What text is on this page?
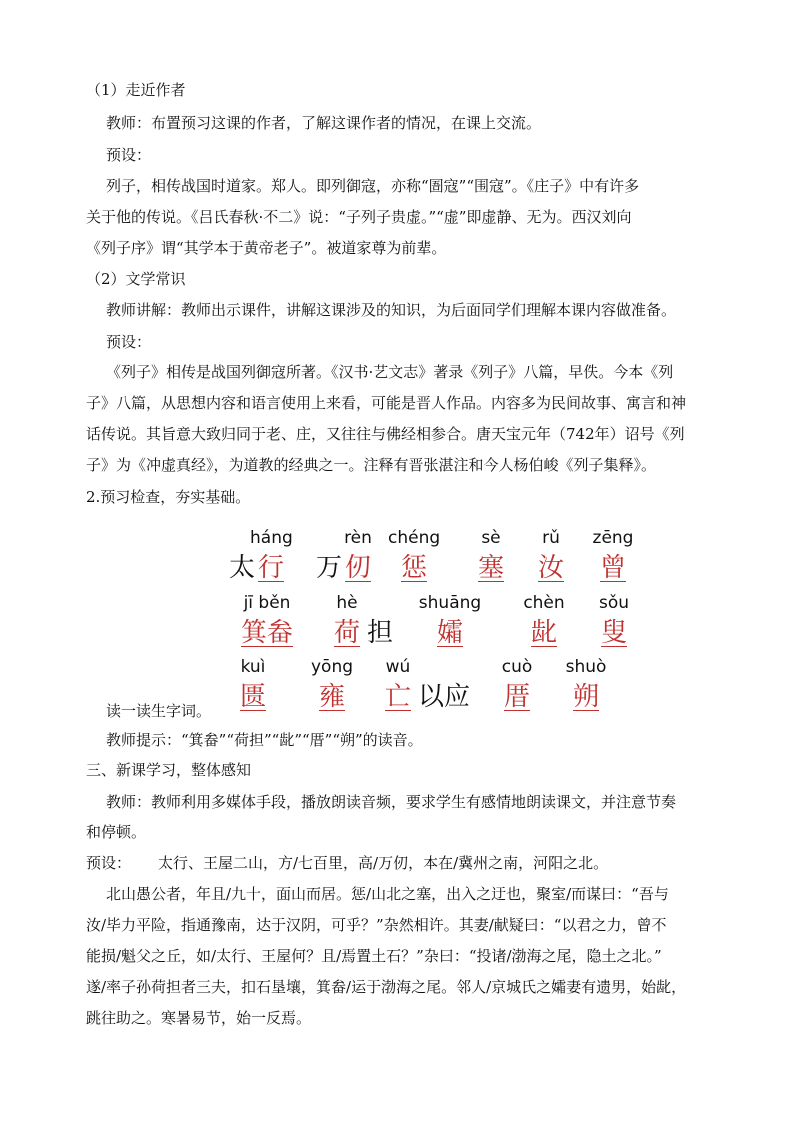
（1）走近作者
教师：布置预习这课的作者，了解这课作者的情况，在课上交流。
预设：
列子，相传战国时道家。郑人。即列御寇，亦称“圄寇”“围寇”。《庄子》中有许多
关于他的传说。《吕氏春秋·不二》说：“子列子贵虚。”“虚”即虚静、无为。西汉刘向
《列子序》谓“其学本于黄帝老子”。被道家尊为前辈。
（2）文学常识
教师讲解：教师出示课件，讲解这课涉及的知识，为后面同学们理解本课内容做准备。
预设：
《列子》相传是战国列御寇所著。《汉书·艺文志》著录《列子》八篇，早佚。今本《列
子》八篇，从思想内容和语言使用上来看，可能是晋人作品。内容多为民间故事、寓言和神
话传说。其旨意大致归同于老、庄，又往往与佛经相参合。唐天宝元年（742年）诏号《列
子》为《冲虚真经》，为道教的经典之一。注释有晋张湛注和今人杨伯峻《列子集释》。
2.预习检查，夯实基础。
太
háng
行	万
rèn
仞
chéng
惩
sè
塞
rǔ
汝
zēng
曾
jī běn
箕畚
hè
荷 担
shuāng
孀
chèn
龀
sǒu
叟
kuì
匮
yōng
雍
wú
亡 以应
cuò
厝
shuò
朔
读一读生字词。
教师提示：“箕畚”“荷担”“龀”“厝”“朔”的读音。
三、新课学习，整体感知
教师：教师利用多媒体手段，播放朗读音频，要求学生有感情地朗读课文，并注意节奏
和停顿。
预设： 太行、王屋二山，方/七百里，高/万仞，本在/冀州之南，河阳之北。
北山愚公者，年且/九十，面山而居。惩/山北之塞，出入之迂也，聚室/而谋曰：“吾与
汝/毕力平险，指通豫南，达于汉阴，可乎？”杂然相许。其妻/献疑曰：“以君之力，曾不
能损/魁父之丘，如/太行、王屋何？且/焉置土石？”杂曰：“投诸/渤海之尾，隐土之北。”
遂/率子孙荷担者三夫，扣石垦壤，箕畚/运于渤海之尾。邻人/京城氏之孀妻有遗男，始龀，
跳往助之。寒暑易节，始一反焉。
